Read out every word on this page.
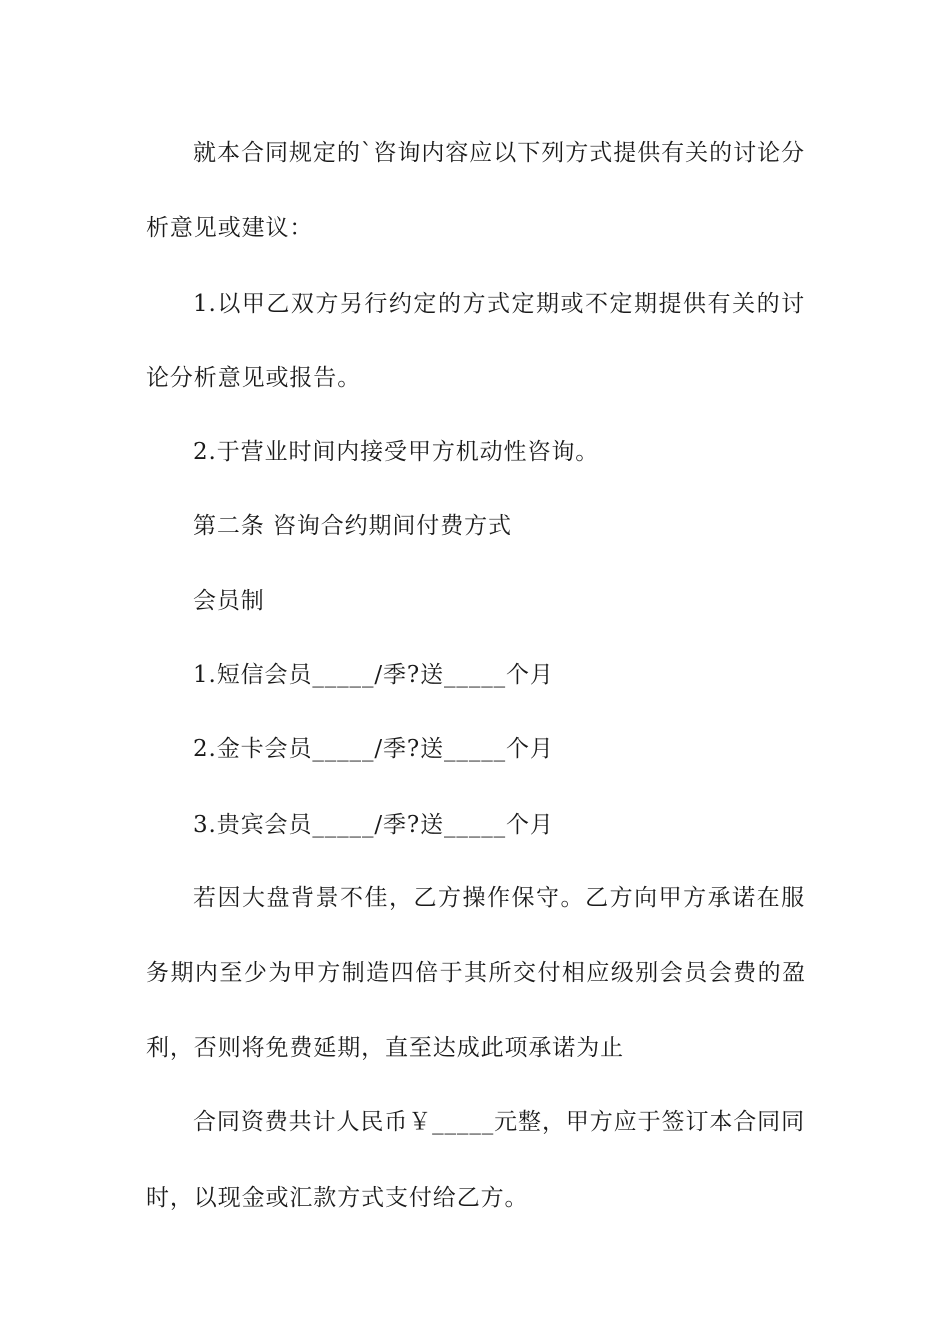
就本合同规定的`咨询内容应以下列方式提供有关的讨论分
析意见或建议：
1.以甲乙双方另行约定的方式定期或不定期提供有关的讨
论分析意见或报告。
2.于营业时间内接受甲方机动性咨询。
第二条 咨询合约期间付费方式
会员制
1.短信会员_____/季?送_____个月
2.金卡会员_____/季?送_____个月
3.贵宾会员_____/季?送_____个月
若因大盘背景不佳，乙方操作保守。乙方向甲方承诺在服
务期内至少为甲方制造四倍于其所交付相应级别会员会费的盈
利，否则将免费延期，直至达成此项承诺为止
合同资费共计人民币￥_____元整，甲方应于签订本合同同
时，以现金或汇款方式支付给乙方。
